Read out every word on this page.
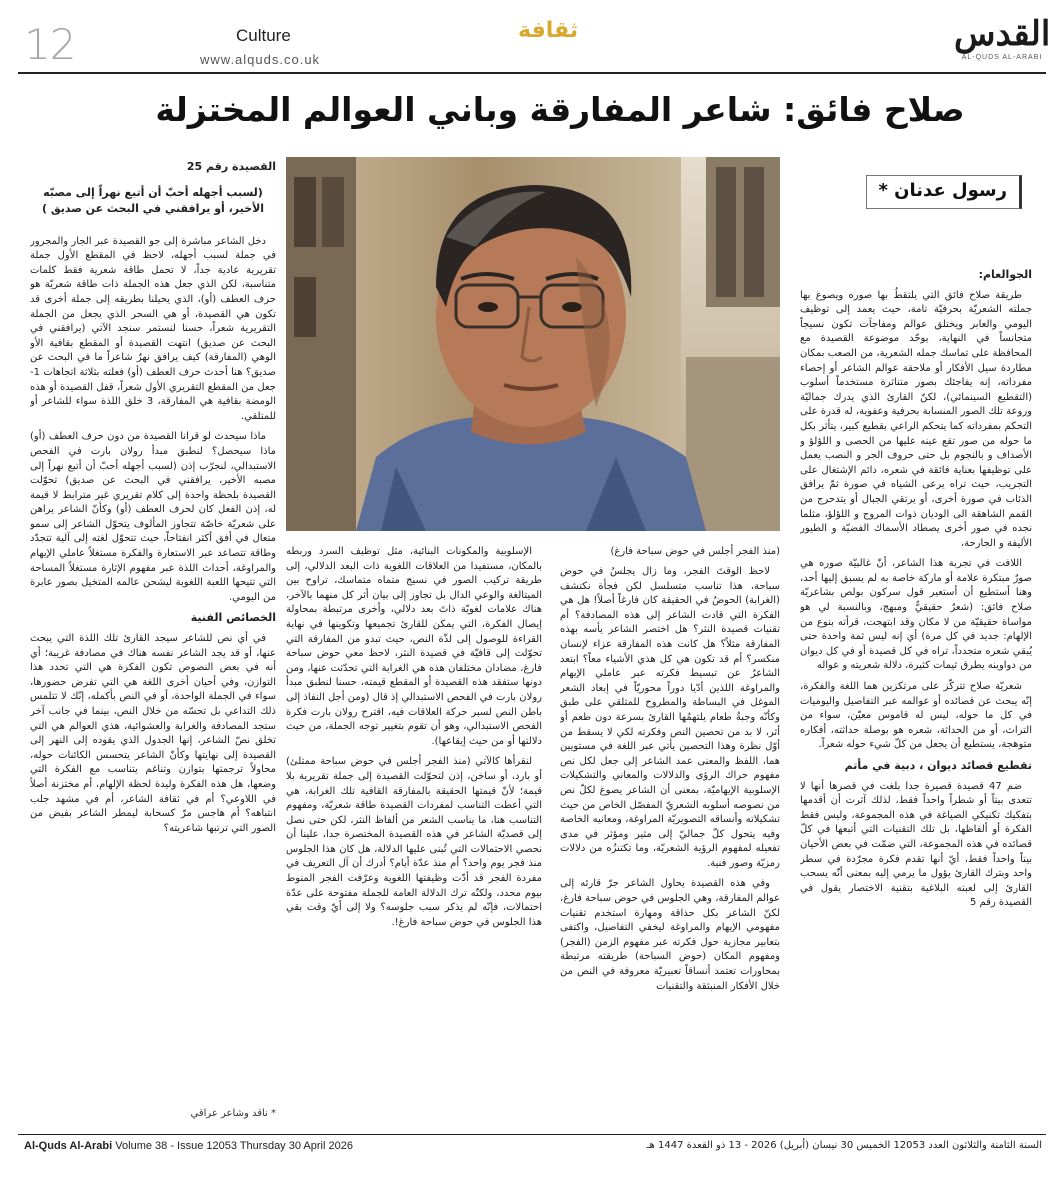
12	Culture
www.alquds.co.uk
ثقافة	القدس
AL-QUDS AL-ARABI
صلاح فائق: شاعر المفارقة وباني العوالم المختزلة
(منذ الفجر أجلس في حوض سباحة فارغ)
رسول عدنان *
الجوالعام:

طريقة صلاح فائق التي يلتقطُ بها صوره ويصوغ بها جملته الشعريّة بحرفيّة تامة، حيث يعمد إلى توظيف اليومي والعابر ويختلق عوالم ومفاجآت تكون نسيجاً متجانساً في النهاية، يوحّد موضوعة القصيدة مع المحافظة على تماسك جمله الشعرية، من الصعب بمكان مطاردة سيل الأفكار أو ملاحقة عوالم الشاعر أو إحصاء مفرداته، إنه يفاجئك بصور متناثرة مستخدماً أسلوب (التقطيع السينمائي)، لكنّ القارئ الذي يدرك جماليّة وروعة تلك الصور المنسابة بحرفية وعفوية، له قدرة على التحكم بمفرداته كما يتحكم الراعي بقطيع كبير، يتأثر بكل ما حوله من صور تقع عينه عليها من الحصى و اللؤلؤ و الأصداف و بالنجوم بل حتى حروف الجر و النصب يعمل على توظيفها بعناية فائقة في شعره، دائم الإشتغال على التجريب، حيث تراه يرعى الشياه في صورة ثمّ يرافق الذئاب في صورة أخرى، أو يرتقي الجبال أو يتدحرج من القمم الشاهقة الى الوديان ذوات المروج و اللؤلؤ، مثلما نجده في صور أخرى يصطاد الأسماك الفضيّة و الطيور الأليفة و الجارحة،

اللافت في تجربة هذا الشاعر، أنّ غالبيّة صوره هي صورٌ مبتكرة علامة أو ماركة خاصة به لم يسبق إليها أحد، وهنا أستطيع أن أستعير قول سركون بولص بشاعريّة صلاح فائق: (شعرٌ حقيقيٌّ ومبهج، وبالنسبة لي هو مواساة حقيقيّة من لا مكان وقد ابتهجت، قرأته بنوع من الإلهام: جديد في كل مرة) أي إنه ليس ثمة واحدة حتى يُبقي شعره متجدداً، تراه في كل قصيدة أو في كل ديوان من دواوينه يطرق ثيمات كثيرة، دلالة شعريته و عواله

شعريّة صلاح تتركّز على مرتكزين هما اللغة والفكرة، إنّه يبحث عن قصائده أو عوالمه عبر التفاصيل واليوميات في كل ما حوله، ليس له قاموس معيّن، سواء من التراث، أو من الحداثة، شعره هو بوصلة حداثته، أفكاره متوهجة، يستطيع أن يجعل من كلّ شيء حوله شعراً.

تقطيع قصائد ديوان ، دبية في مأتم

ضم 47 قصيدة قصيرة جدا بلغت في قصرها أنها لا تتعدى بيتاً أو شطراً واحداً فقط، لذلك آثرت أن أقدمها بتفكيك تكنيكي الصياغة في هذه المجموعة، وليس فقط الفكرة أو ألفاظها، بل تلك التقنيات التي أتبعها في كلّ قصائده في هذه المجموعة، التي ضمّت في بعض الأحيان بيتاً واحداً فقط، أيّ أنها تقدم فكرة مجرّدة في سطر واحد وبترك القارئ يؤول ما يرمي إليه بمعنى أنّه يسحب القارئ إلى لعبته البلاغية بتقنية الاختصار يقول في القصيدة رقم 5

لاحظ الوقتَ الفجر، وما زال يجلسُ في حوض سباحة، هذا تناسب متسلسل لكن فجأة نكتشف (الغرابة) الحوضُ في الحقيقة كان فارغاً أصلاً! هل هي الفكرة التي قادت الشاعر إلى هذه المصادفة؟ أم تقنيات قصيدة النثر؟ هل اختصر الشاعر يأسه بهذه المفارقة مثلاً؟ هل كانت هذه المفارقة عزاء لإنسان منكسر؟ أم قد تكون هي كل هذي الأشياء معاً؟ ابتعد الشاعرُ عن تبسيط فكرته عبر عاملي الإيهام والمراوغة اللذين أدّيا دوراً محوريّاً في إبعاد الشعر الموغل في البساطة والمطروح للمتلقي على طبق وكأنّه وجبةُ طعام يلتهمُها القارئ بسرعة دون طعم أو أثر، لا بد من تحصين النص وفكرته لكي لا يسقط من أوّل نظرة وهذا التحصين يأتي عبر اللغة في مستويين هما، اللفظ والمعنى عمد الشاعر إلى جعل لكل نص مفهوم حراك الرؤى والدلالات والمعاني والتشكيلات الإسلوبية الإيهاميّة، بمعنى أن الشاعر يصوغ لكلّ نص من نصوصه أسلوبه الشعريّ المفصّل الخاص من حيث تشكيلاته وأنساقه التصويريّة المراوغة، ومعانيه الخاصة وفيه يتحول كلّ جماليّ إلى مثير ومؤثر في مدى تفعيله لمفهوم الرؤية الشعريّة، وما تكتنزُه من دلالات رمزيّة وصور فنية.

وفي هذه القصيدة يحاول الشاعر جرّ قارئه إلى عوالم المفارقة، وهي الجلوس في حوض سباحة فارغ، لكنّ الشاعر بكل حذاقة ومهارة استخدم تقنيات مفهومي الإيهام والمراوغة ليخفي التفاصيل، واكتفى بتعابير مجازية حول فكرته عبر مفهوم الزمن (الفجر) ومفهوم المكان (حوض السباحة) طريقته مرتبطة بمحاورات تعتمد أنساقاً تعبيريّة معروفة في النص من خلال الأفكار المنبثقة والتقنيات

الإسلوبية والمكونات البنائية، مثل توظيف السرد وربطه بالمكان، مستفيدا من العلاقات اللغوية ذات البعد الدلالي، إلى طريقة تركيب الصور في نسيج متماه متماسك، تراوح بين الميتالغة والوعي الدال بل تجاوز إلى بيان أثر كل منهما بالآخر، هناك علامات لغويّة ذاتَ بعد دلالي، وأخرى مرتبطة بمحاولة إيصال الفكرة، التي يمكن للقارئ تجميعها وتكوينها في نهاية القراءة للوصول إلى لذّة النص، حيث تبدو من المفارقة التي تحوّلت إلى قافيّة في قصيدة النثر، لاحظ معي حوض سباحة فارغ، مضادان مختلفان هذه هي الغرابة التي تحدّثت عنها، ومن دونها ستفقد هذه القصيدة أو المقطع قيمته، حسنا لنطبق مبدأ رولان بارت في الفحص الاستبدالي إذ قال (ومن أجل النفاذ إلى باطن النص لسبر حركة العلاقات فيه، اقترح رولان بارت فكرة الفحص الاستبدالي، وهو أن تقوم بتغيير توجه الجملة، من حيث دلالتها أو من حيث إيقاعها).

لنقرأها كالآتي (منذ الفجر أجلس في حوض سباحة ممتلئ) أو بارد، أو ساخن، إذن لتحوّلت القصيدة إلى جملة تقريرية بلا قيمة؛ لأنّ قيمتها الحقيقة بالمفارقة القافية تلك الغرابة، هي التي أعطت التناسب لمفردات القصيدة طاقة شعريّة، ومفهوم التناسب هنا، ما يناسب الشعر من ألفاظ النثر، لكن حتى نصل إلى قصديّة الشاعر في هذه القصيدة المختصرة جدا، علينا أن نحصي الاحتمالات التي تُبنى عليها الدلالة، هل كان هذا الجلوس منذ فجر يوم واحد؟ أم منذ عدّة أيام؟ أدرك أن آل التعريف في مفردة الفجر قد أدّت وظيفتها اللغوية وعرّفت الفجر المنوط بيوم محدد، ولكنّه ترك الدلالة العامة للجملة مفتوحة على عدّة احتمالات، فإنّه لم يذكر سبب جلوسه؟ ولا إلى أيّ وقت بقي هذا الجلوس في حوض سباحة فارغ!.

القصيدة رقم 25
(لسبب أجهله أحبّ أن أتبع نهراً إلى مصبّه الأخير، أو يرافقني في البحث عن صديق )

دخل الشاعر مباشرة إلى جو القصيدة عبر الجار والمجرور في جملة لسبب أجهله، لاحظ في المقطع الأول جملة تقريرية عادية جداً، لا تحمل طاقة شعرية فقط كلمات متناسبة، لكن الذي جعل هذه الجملة ذات طاقة شعريّة هو حرف العطف (أو)، الذي يحيلنا بطريقه إلى جملة أخرى قد تكون هي القصيدة، أو هي السحر الذي يجعل من الجملة التقريرية شعراً، حسنا لنستمر سنجد الآتي (يرافقني في البحث عن صديق) انتهت القصيدة أو المقطع بقافية الأو الوهي (المفارقة) كيف يرافق نهرٌ شاعراً ما في البحث عن صديق؟ هنا أحدث حرف العطف (أو) فعلته بثلاثة اتجاهات 1- جعل من المقطع التقريري الأول شعراً، قفل القصيدة أو هذه الومضة بقافية هي المفارقة، 3 خلق اللذة سواء للشاعر أو للمتلقي.

ماذا سيحدث لو قرانا القصيدة من دون حرف العطف (أو) ماذا سيحصل؟ لنطبق مبدأ رولان بارت في الفحص الاستبدالي، لنجرّب إذن (لسبب أجهله أحبّ أن أتبع نهراً إلى مصبه الأخير، يرافقني في البحث عن صديق) تحوّلت القصيدة بلحظة واحدة إلى كلام تقريري غير مترابط لا قيمة له، إذن الفعل كان لحرف العطف (أو) وكأنّ الشاعر يراهن على شعريّة خاصّة تتجاوز المألوف يتحوّل الشاعر إلى سمو متعال في أفق أكثر انفتاحاً، حيث تتحوّل لغته إلى آلية تتجدّد وطاقة تتصاعد عبر الاستعارة والفكرة مستغلاً عاملي الإيهام والمراوغة، أحداث اللذة عبر مفهوم الإثارة مستغلاً المساحة التي تتيحها اللعبة اللغوية ليشحن عالمه المتخيل بصور عابرة من اليومي.

الخصائص الفنية

في أي نص للشاعر سيجد القارئ تلك اللذة التي يبحث عنها، أو قد يجد الشاعر نفسه هناك في مصادفة غريبة؛ أي أنه في بعض النصوص تكون الفكرة هي التي تحدد هذا التوازن، وفي أحيان أخرى اللغة هي التي تفرض حضورها، سواء في الجملة الواحدة، أو في النص بأكمله، إنّك لا تتلمس ذلك التداعي بل تحسّه من خلال النص، بينما في جانب آخر ستجد المصادفة والغرابة والعشوائية، هذي العوالم هي التي تخلق نصّ الشاعر، إنها الجدول الذي يقوده إلى النهر إلى القصيدة إلى نهايتها وكأنّ الشاعر يتحسس الكائنات حوله، محاولاً ترجمتها بتوازن وتناغم يتناسب مع الفكرة التي وضعها، هل هذه الفكرة وليدة لحظة الإلهام، أم مختزنة أصلاً في اللاوعي؟ أم في ثقافة الشاعر، أم في مشهد جلب انتباهه؟ أم هاجس مرّ كسحابة ليمطر الشاعر بفيض من الصور التي ترتبها شاعريته؟

* ناقد وشاعر عراقي
Al-Quds Al-Arabi Volume 38 - Issue 12053 Thursday 30 April 2026	السنة الثامنة والثلاثون العدد 12053 الخميس 30 نيسان (أبريل) 2026 - 13 ذو القعدة 1447 هـ
